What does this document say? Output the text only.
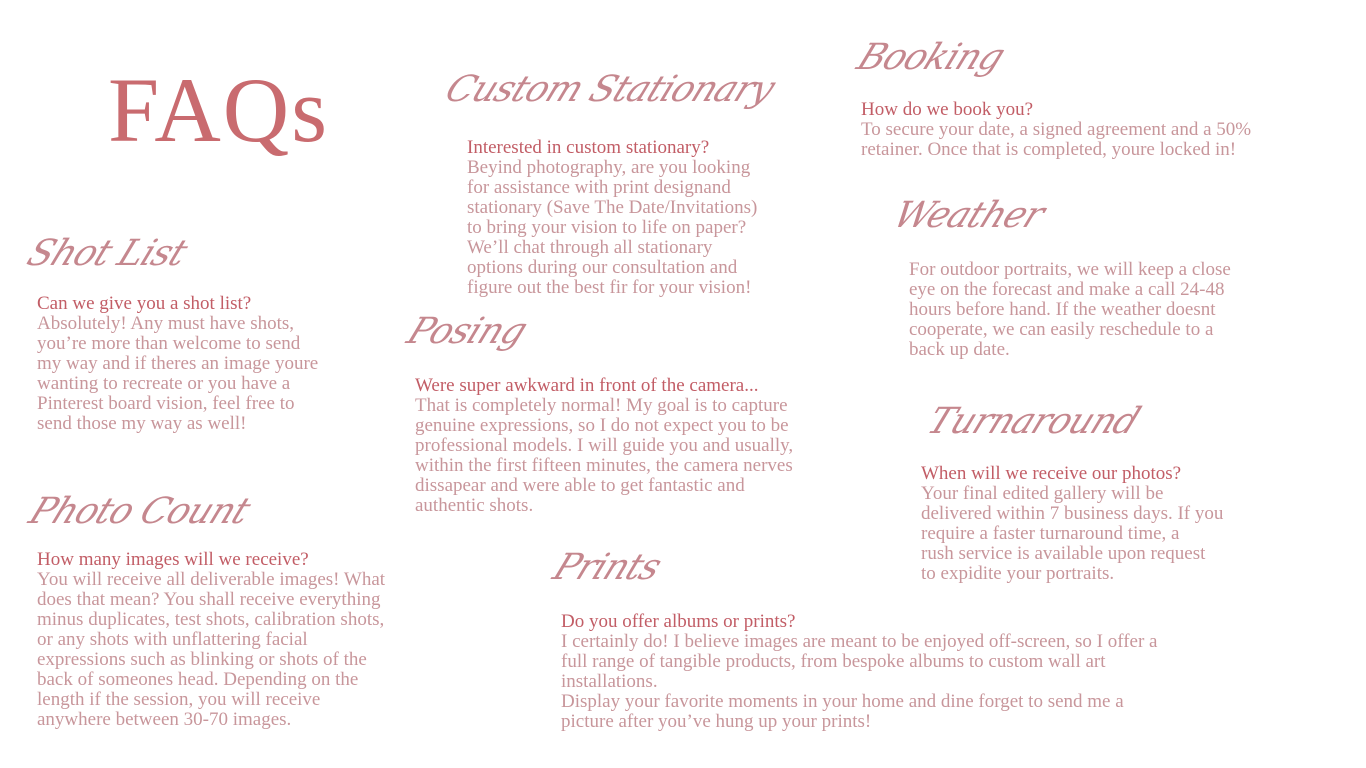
FAQs
Shot List

Can we give you a shot list?

Absolutely! Any must have shots,
you’re more than welcome to send
my way and if theres an image youre
wanting to recreate or you have a
Pinterest board vision, feel free to
send those my way as well!

Photo Count

How many images will we receive?

You will receive all deliverable images! What
does that mean? You shall receive everything
minus duplicates, test shots, calibration shots,
or any shots with unflattering facial
expressions such as blinking or shots of the
back of someones head. Depending on the
length if the session, you will receive
anywhere between 30-70 images.

Custom Stationary

Interested in custom stationary?

Beyind photography, are you looking
for assistance with print designand
stationary (Save The Date/Invitations)
to bring your vision to life on paper?
We’ll chat through all stationary
options during our consultation and
figure out the best fir for your vision!

Posing

Were super awkward in front of the camera...

That is completely normal! My goal is to capture
genuine expressions, so I do not expect you to be
professional models. I will guide you and usually,
within the first fifteen minutes, the camera nerves
dissapear and were able to get fantastic and
authentic shots.

Booking

How do we book you?

To secure your date, a signed agreement and a 50%
retainer. Once that is completed, youre locked in!

Weather

For outdoor portraits, we will keep a close
eye on the forecast and make a call 24-48
hours before hand. If the weather doesnt
cooperate, we can easily reschedule to a
back up date.

Turnaround

When will we receive our photos?

Your final edited gallery will be
delivered within 7 business days. If you
require a faster turnaround time, a
rush service is available upon request
to expidite your portraits.

Prints

Do you offer albums or prints?

I certainly do! I believe images are meant to be enjoyed off-screen, so I offer a
full range of tangible products, from bespoke albums to custom wall art
installations.
Display your favorite moments in your home and dine forget to send me a
picture after you’ve hung up your prints!
